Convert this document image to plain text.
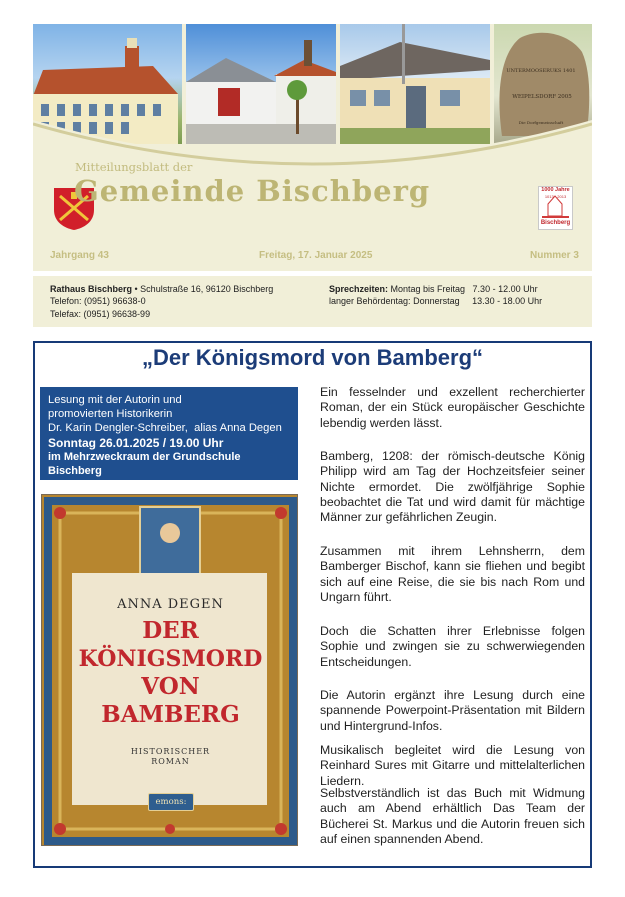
UNTERMOOSERUKS 1401
WEIPELSDORF 2005
Die Dorfgemeinschaft
Mitteilungsblatt der
Gemeinde Bischberg	1000 Jahre
1013 · 2013
Bischberg
Jahrgang 43	Freitag, 17. Januar 2025	Nummer 3
Rathaus Bischberg • Schulstraße 16, 96120 Bischberg
Telefon: (0951) 96638-0
Telefax: (0951) 96638-99
Sprechzeiten: Montag bis Freitag   7.30 - 12.00 Uhr
langer Behördentag: Donnerstag     13.30 - 18.00 Uhr
„Der Königsmord von Bamberg“
Lesung mit der Autorin und
promovierten Historikerin
Dr. Karin Dengler-Schreiber,  alias Anna Degen
Sonntag 26.01.2025 / 19.00 Uhr
im Mehrzweckraum der Grundschule Bischberg
ANNA DEGEN
DER
KÖNIGSMORD
VON
BAMBERG
HISTORISCHER
ROMAN
emons:
Ein fesselnder und exzellent recherchierter Roman, der ein Stück europäischer Geschichte lebendig werden lässt.
Bamberg, 1208: der römisch-deutsche König Philipp wird am Tag der Hochzeitsfeier seiner Nichte ermordet. Die zwölfjährige Sophie beobachtet die Tat und wird damit für mächtige Männer zur gefährlichen Zeugin.
Zusammen mit ihrem Lehnsherrn, dem Bamberger Bischof, kann sie fliehen und begibt sich auf eine Reise, die sie bis nach Rom und Ungarn führt.
Doch die Schatten ihrer Erlebnisse folgen Sophie und zwingen sie zu schwerwiegenden Entscheidungen.
Die Autorin ergänzt ihre Lesung durch eine spannende Powerpoint-Präsentation mit Bildern und Hintergrund-Infos.
Musikalisch begleitet wird die Lesung von Reinhard Sures mit Gitarre und mittelalterlichen Liedern.
Selbstverständlich ist das Buch mit Widmung auch am Abend erhältlich Das Team der Bücherei St. Markus und die Autorin freuen sich auf einen spannenden Abend.
